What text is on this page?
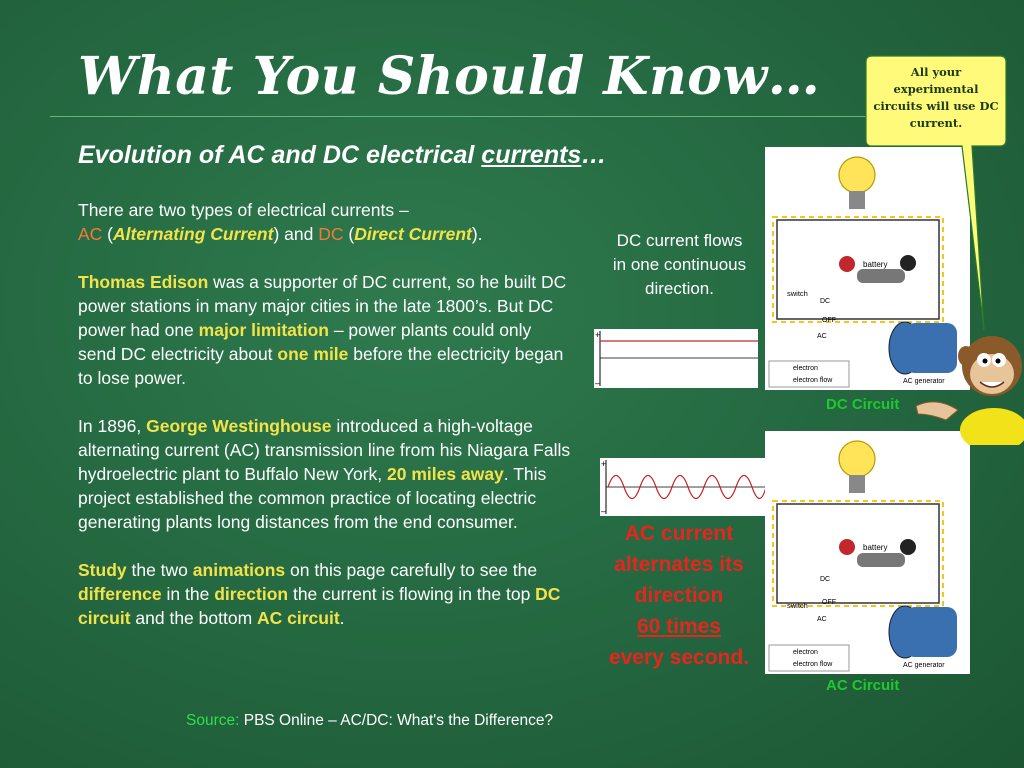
What You Should Know…
Evolution of AC and DC electrical currents…

There are two types of electrical currents –
AC (Alternating Current) and DC (Direct Current).

Thomas Edison was a supporter of DC current, so he built DC power stations in many major cities in the late 1800’s. But DC power had one major limitation – power plants could only send DC electricity about one mile before the electricity began to lose power.

In 1896, George Westinghouse introduced a high-voltage alternating current (AC) transmission line from his Niagara Falls hydroelectric plant to Buffalo New York, 20 miles away. This project established the common practice of locating electric generating plants long distances from the end consumer.

Study the two animations on this page carefully to see the difference in the direction the current is flowing in the top DC circuit and the bottom AC circuit.

Source: PBS Online – AC/DC: What's the Difference?
DC current flows in one continuous direction.
+
–
+
–
AC current alternates its direction
60 times
every second.
battery
switch
DC
OFF
AC
electron
electron flow	AC generator
DC Circuit
battery
DC
OFF
switch
AC
electron
electron flow	AC generator
AC Circuit
All your experimental circuits will use DC current.
